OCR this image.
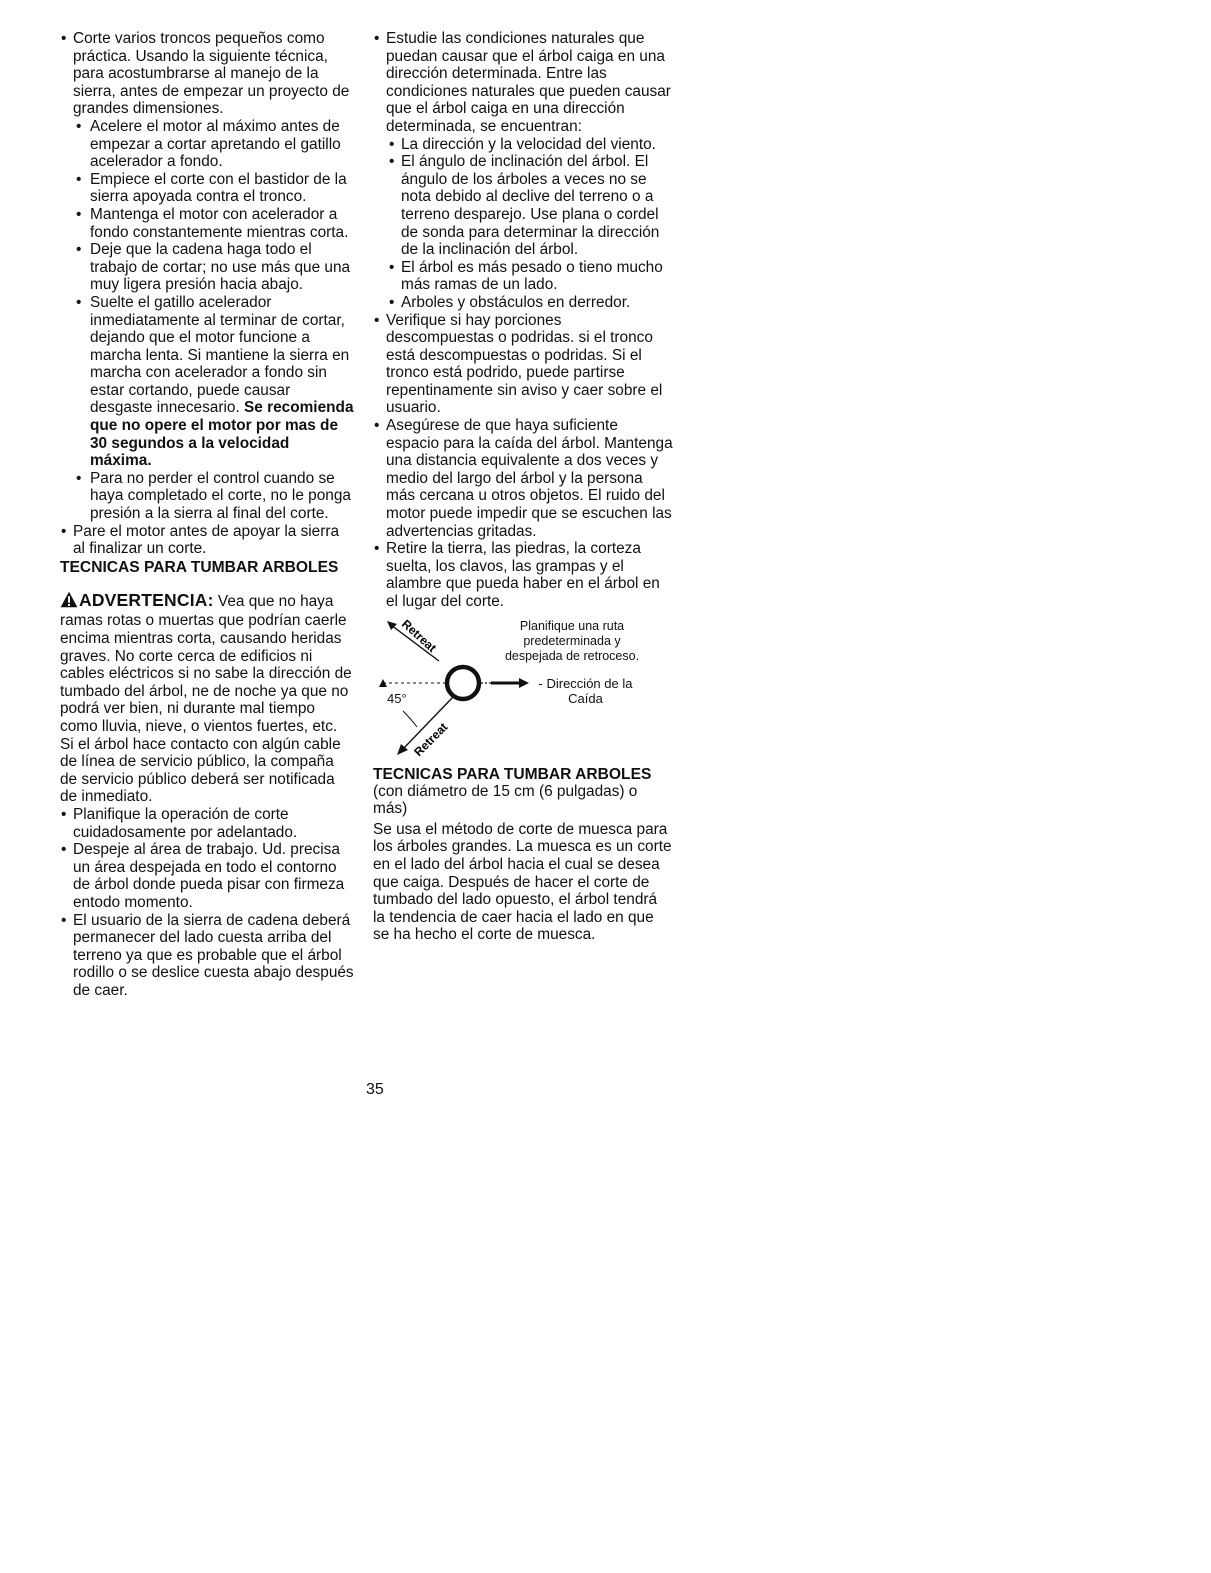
• Corte varios troncos pequeños como práctica. Usando la siguiente técnica, para acostumbrarse al manejo de la sierra, antes de empezar un proyecto de grandes dimensiones.

• Acelere el motor al máximo antes de empezar a cortar apretando el gatillo acelerador a fondo.

• Empiece el corte con el bastidor de la sierra apoyada contra el tronco.

• Mantenga el motor con acelerador a fondo constantemente mientras corta.

• Deje que la cadena haga todo el trabajo de cortar; no use más que una muy ligera presión hacia abajo.

• Suelte el gatillo acelerador inmediatamente al terminar de cortar, dejando que el motor funcione a marcha lenta. Si mantiene la sierra en marcha con acelerador a fondo sin estar cortando, puede causar desgaste innecesario. Se recomienda que no opere el motor por mas de 30 segundos a la velocidad máxima.

• Para no perder el control cuando se haya completado el corte, no le ponga presión a la sierra al final del corte.

• Pare el motor antes de apoyar la sierra al finalizar un corte.

TECNICAS PARA TUMBAR ARBOLES

ADVERTENCIA: Vea que no haya ramas rotas o muertas que podrían caerle encima mientras corta, causando heridas graves. No corte cerca de edificios ni cables eléctricos si no sabe la dirección de tumbado del árbol, ne de noche ya que no podrá ver bien, ni durante mal tiempo como lluvia, nieve, o vientos fuertes, etc. Si el árbol hace contacto con algún cable de línea de servicio público, la compaña de servicio público deberá ser notificada de inmediato.

• Planifique la operación de corte cuidadosamente por adelantado.

• Despeje al área de trabajo. Ud. precisa un área despejada en todo el contorno de árbol donde pueda pisar con firmeza entodo momento.

• El usuario de la sierra de cadena deberá permanecer del lado cuesta arriba del terreno ya que es probable que el árbol rodillo o se deslice cuesta abajo después de caer.

• Estudie las condiciones naturales que puedan causar que el árbol caiga en una dirección determinada. Entre las condiciones naturales que pueden causar que el árbol caiga en una dirección determinada, se encuentran:

• La dirección y la velocidad del viento.

• El ángulo de inclinación del árbol. El ángulo de los árboles a veces no se nota debido al declive del terreno o a terreno desparejo. Use plana o cordel de sonda para determinar la dirección de la inclinación del árbol.

• El árbol es más pesado o tieno mucho más ramas de un lado.

• Arboles y obstáculos en derredor.

• Verifique si hay porciones descompuestas o podridas. si el tronco está descompuestas o podridas. Si el tronco está podrido, puede partirse repentinamente sin aviso y caer sobre el usuario.

• Asegúrese de que haya suficiente espacio para la caída del árbol. Mantenga una distancia equivalente a dos veces y medio del largo del árbol y la persona más cercana u otros objetos. El ruido del motor puede impedir que se escuchen las advertencias gritadas.

• Retire la tierra, las piedras, la corteza suelta, los clavos, las grampas y el alambre que pueda haber en el árbol en el lugar del corte.

Retreat
Retreat
Planifique una ruta predeterminada y despejada de retroceso.
- Dirección de la Caída
45°

TECNICAS PARA TUMBAR ARBOLES

(con diámetro de 15 cm (6 pulgadas) o más)

Se usa el método de corte de muesca para los árboles grandes. La muesca es un corte en el lado del árbol hacia el cual se desea que caiga. Después de hacer el corte de tumbado del lado opuesto, el árbol tendrá la tendencia de caer hacia el lado en que se ha hecho el corte de muesca.

35
